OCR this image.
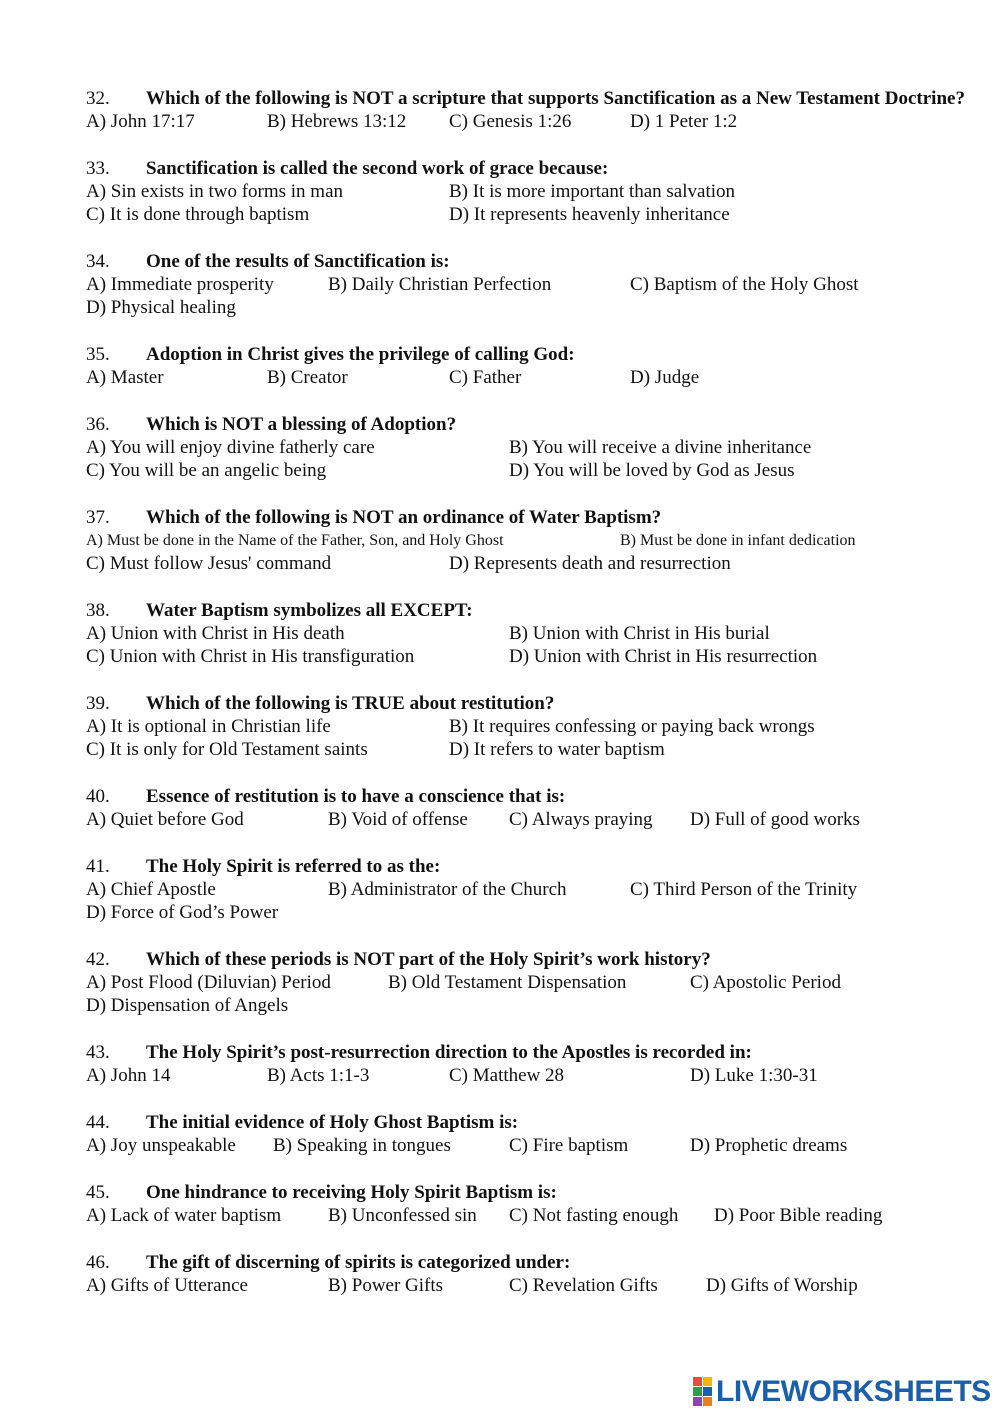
32. Which of the following is NOT a scripture that supports Sanctification as a New Testament Doctrine?
A) John 17:17	B) Hebrews 13:12 C) Genesis 1:26	D) 1 Peter 1:2
33. Sanctification is called the second work of grace because:
A) Sin exists in two forms in man	B) It is more important than salvation
C) It is done through baptism	D) It represents heavenly inheritance
34. One of the results of Sanctification is:
A) Immediate prosperity	B) Daily Christian Perfection	C) Baptism of the Holy Ghost
D) Physical healing
35. Adoption in Christ gives the privilege of calling God:
A) Master	B) Creator	C) Father	D) Judge
36. Which is NOT a blessing of Adoption?
A) You will enjoy divine fatherly care	B) You will receive a divine inheritance
C) You will be an angelic being	D) You will be loved by God as Jesus
37. Which of the following is NOT an ordinance of Water Baptism?
A) Must be done in the Name of the Father, Son, and Holy Ghost	B) Must be done in infant dedication
C) Must follow Jesus' command	D) Represents death and resurrection
38. Water Baptism symbolizes all EXCEPT:
A) Union with Christ in His death	B) Union with Christ in His burial
C) Union with Christ in His transfiguration	D) Union with Christ in His resurrection
39. Which of the following is TRUE about restitution?
A) It is optional in Christian life	B) It requires confessing or paying back wrongs
C) It is only for Old Testament saints	D) It refers to water baptism
40. Essence of restitution is to have a conscience that is:
A) Quiet before God	B) Void of offense C) Always praying D) Full of good works
41. The Holy Spirit is referred to as the:
A) Chief Apostle	B) Administrator of the Church	C) Third Person of the Trinity
D) Force of God’s Power
42. Which of these periods is NOT part of the Holy Spirit’s work history?
A) Post Flood (Diluvian) Period	B) Old Testament Dispensation	C) Apostolic Period
D) Dispensation of Angels
43. The Holy Spirit’s post-resurrection direction to the Apostles is recorded in:
A) John 14	B) Acts 1:1-3	C) Matthew 28	D) Luke 1:30-31
44. The initial evidence of Holy Ghost Baptism is:
A) Joy unspeakable B) Speaking in tongues	C) Fire baptism	D) Prophetic dreams
45. One hindrance to receiving Holy Spirit Baptism is:
A) Lack of water baptism B) Unconfessed sin C) Not fasting enough D) Poor Bible reading
46. The gift of discerning of spirits is categorized under:
A) Gifts of Utterance	B) Power Gifts	C) Revelation Gifts	D) Gifts of Worship
LIVEWORKSHEETS
